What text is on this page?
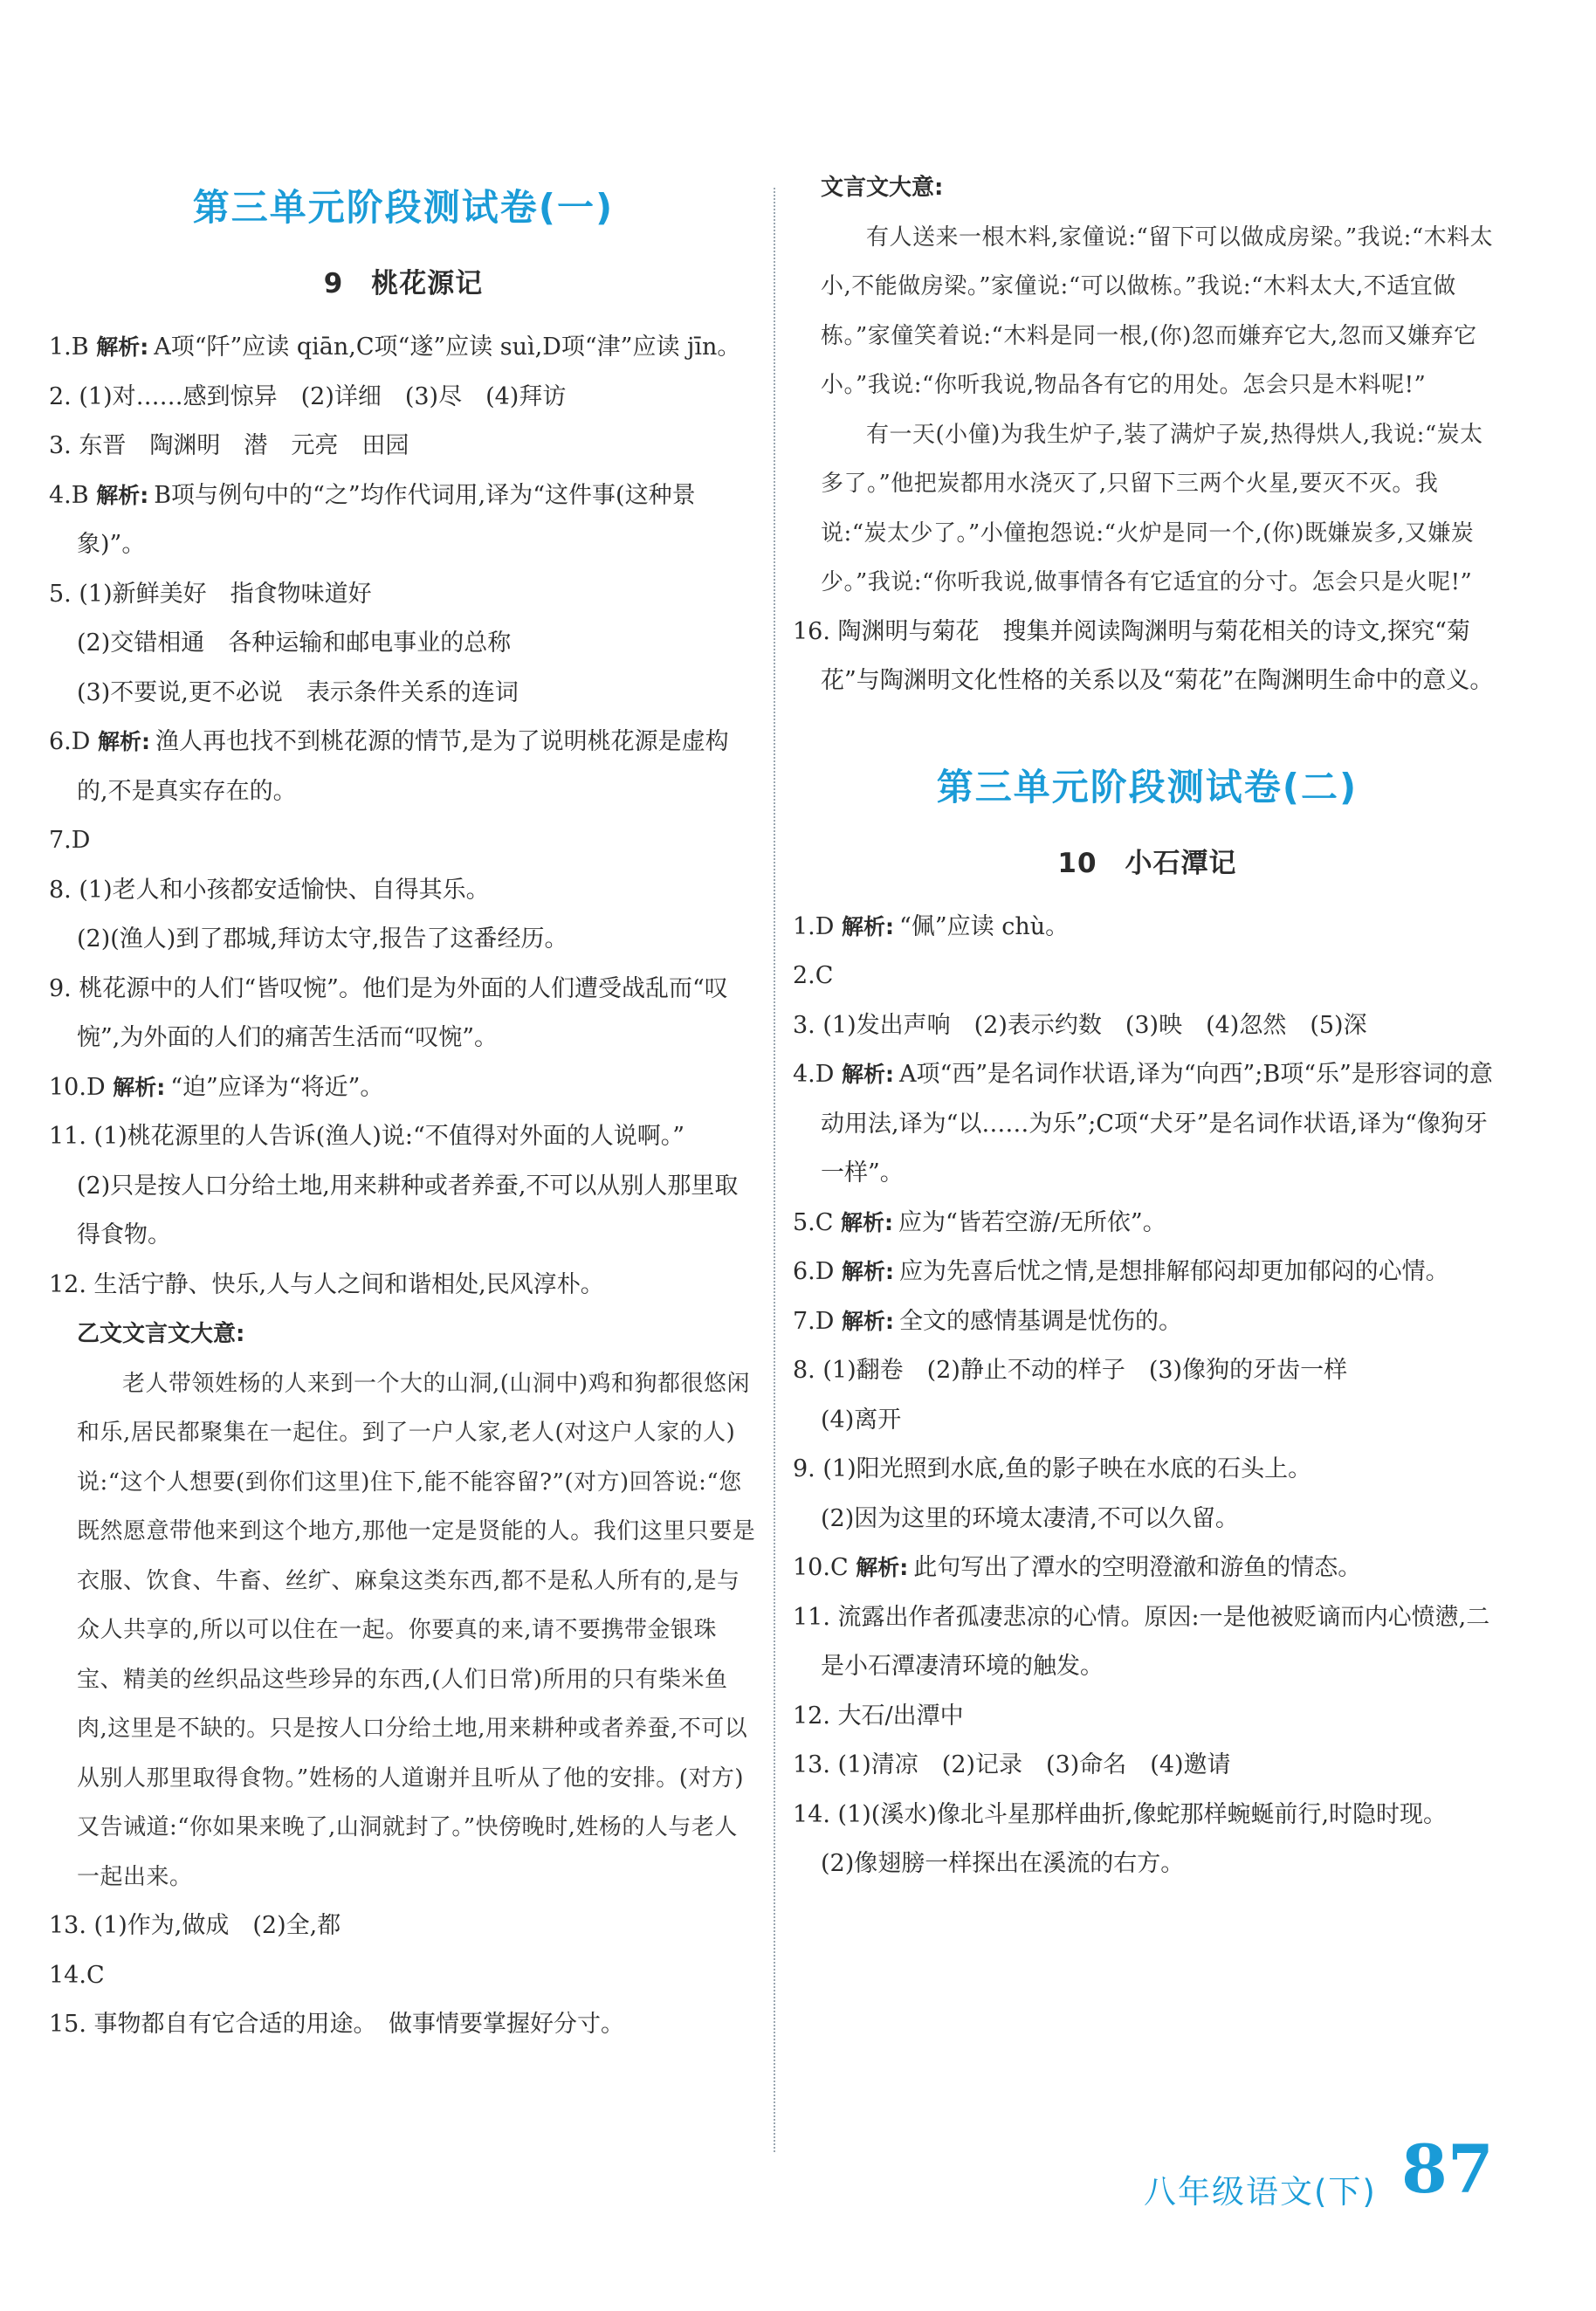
第三单元阶段测试卷(一)
9　桃花源记

1.B 解析: A项“阡”应读 qiān,C项“遂”应读 suì,D项“津”应读 jīn。

2. (1)对……感到惊异　(2)详细　(3)尽　(4)拜访

3. 东晋　陶渊明　潜　元亮　田园

4.B 解析: B项与例句中的“之”均作代词用,译为“这件事(这种景象)”。

5. (1)新鲜美好　指食物味道好

(2)交错相通　各种运输和邮电事业的总称

(3)不要说,更不必说　表示条件关系的连词

6.D 解析: 渔人再也找不到桃花源的情节,是为了说明桃花源是虚构的,不是真实存在的。

7.D

8. (1)老人和小孩都安适愉快、自得其乐。

(2)(渔人)到了郡城,拜访太守,报告了这番经历。

9. 桃花源中的人们“皆叹惋”。他们是为外面的人们遭受战乱而“叹惋”,为外面的人们的痛苦生活而“叹惋”。

10.D 解析: “迫”应译为“将近”。

11. (1)桃花源里的人告诉(渔人)说:“不值得对外面的人说啊。”

(2)只是按人口分给土地,用来耕种或者养蚕,不可以从别人那里取得食物。

12. 生活宁静、快乐,人与人之间和谐相处,民风淳朴。

乙文文言文大意:

老人带领姓杨的人来到一个大的山洞,(山洞中)鸡和狗都很悠闲和乐,居民都聚集在一起住。到了一户人家,老人(对这户人家的人)说:“这个人想要(到你们这里)住下,能不能容留?”(对方)回答说:“您既然愿意带他来到这个地方,那他一定是贤能的人。我们这里只要是衣服、饮食、牛畜、丝纩、麻枲这类东西,都不是私人所有的,是与众人共享的,所以可以住在一起。你要真的来,请不要携带金银珠宝、精美的丝织品这些珍异的东西,(人们日常)所用的只有柴米鱼肉,这里是不缺的。只是按人口分给土地,用来耕种或者养蚕,不可以从别人那里取得食物。”姓杨的人道谢并且听从了他的安排。(对方)又告诫道:“你如果来晚了,山洞就封了。”快傍晚时,姓杨的人与老人一起出来。

13. (1)作为,做成　(2)全,都

14.C

15. 事物都自有它合适的用途。　做事情要掌握好分寸。

文言文大意:

有人送来一根木料,家僮说:“留下可以做成房梁。”我说:“木料太小,不能做房梁。”家僮说:“可以做栋。”我说:“木料太大,不适宜做栋。”家僮笑着说:“木料是同一根,(你)忽而嫌弃它大,忽而又嫌弃它小。”我说:“你听我说,物品各有它的用处。怎会只是木料呢!”

有一天(小僮)为我生炉子,装了满炉子炭,热得烘人,我说:“炭太多了。”他把炭都用水浇灭了,只留下三两个火星,要灭不灭。我说:“炭太少了。”小僮抱怨说:“火炉是同一个,(你)既嫌炭多,又嫌炭少。”我说:“你听我说,做事情各有它适宜的分寸。怎会只是火呢!”

16. 陶渊明与菊花　搜集并阅读陶渊明与菊花相关的诗文,探究“菊花”与陶渊明文化性格的关系以及“菊花”在陶渊明生命中的意义。

第三单元阶段测试卷(二)
10　小石潭记

1.D 解析: “佩”应读 chù。

2.C

3. (1)发出声响　(2)表示约数　(3)映　(4)忽然　(5)深

4.D 解析: A项“西”是名词作状语,译为“向西”;B项“乐”是形容词的意动用法,译为“以……为乐”;C项“犬牙”是名词作状语,译为“像狗牙一样”。

5.C 解析: 应为“皆若空游/无所依”。

6.D 解析: 应为先喜后忧之情,是想排解郁闷却更加郁闷的心情。

7.D 解析: 全文的感情基调是忧伤的。

8. (1)翻卷　(2)静止不动的样子　(3)像狗的牙齿一样

(4)离开

9. (1)阳光照到水底,鱼的影子映在水底的石头上。

(2)因为这里的环境太凄清,不可以久留。

10.C 解析: 此句写出了潭水的空明澄澈和游鱼的情态。

11. 流露出作者孤凄悲凉的心情。原因:一是他被贬谪而内心愤懑,二是小石潭凄清环境的触发。

12. 大石/出潭中

13. (1)清凉　(2)记录　(3)命名　(4)邀请

14. (1)(溪水)像北斗星那样曲折,像蛇那样蜿蜒前行,时隐时现。

(2)像翅膀一样探出在溪流的右方。

八年级语文(下) 87
